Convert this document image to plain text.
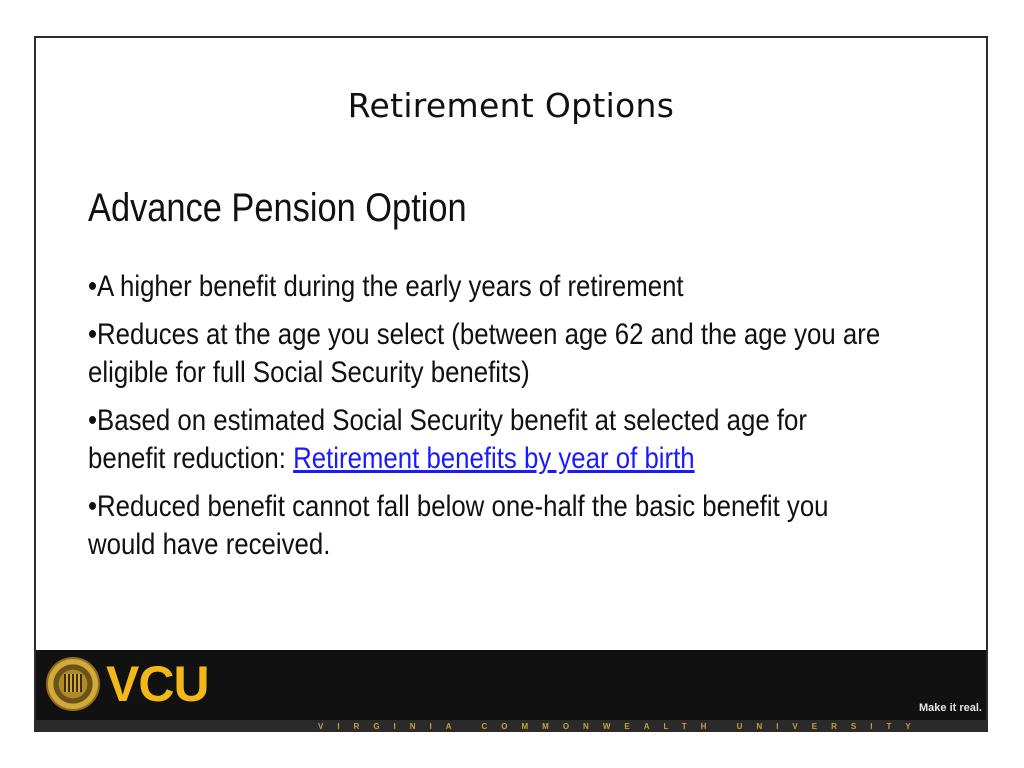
Retirement Options
Advance Pension Option
•A higher benefit during the early years of retirement
•Reduces at the age you select (between age 62 and the age you are eligible for full Social Security benefits)
•Based on estimated Social Security benefit at selected age for benefit reduction: Retirement benefits by year of birth
•Reduced benefit cannot fall below one-half the basic benefit you would have received.
VCU	Make it real.
VIRGINIA COMMONWEALTH UNIVERSITY
